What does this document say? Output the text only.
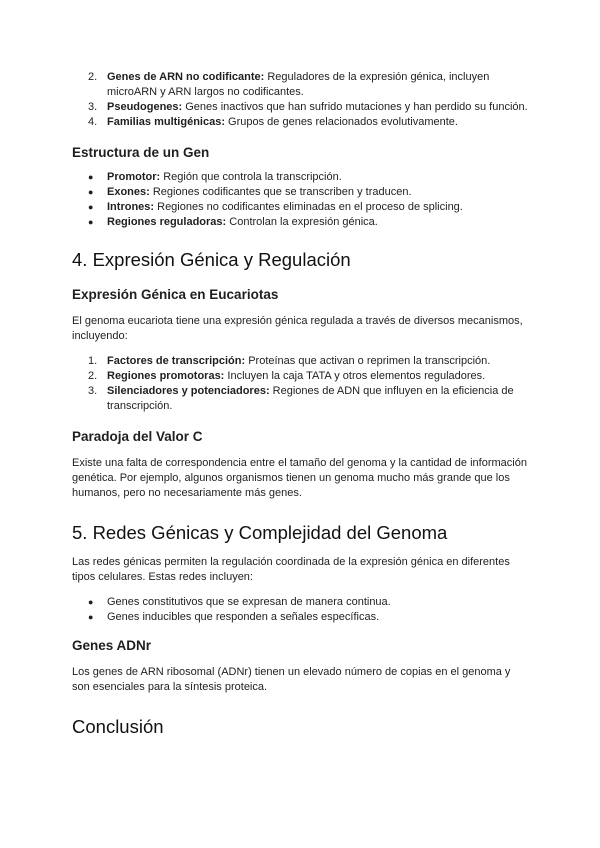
2. Genes de ARN no codificante: Reguladores de la expresión génica, incluyen microARN y ARN largos no codificantes.
3. Pseudogenes: Genes inactivos que han sufrido mutaciones y han perdido su función.
4. Familias multigénicas: Grupos de genes relacionados evolutivamente.
Estructura de un Gen
● Promotor: Región que controla la transcripción.
● Exones: Regiones codificantes que se transcriben y traducen.
● Intrones: Regiones no codificantes eliminadas en el proceso de splicing.
● Regiones reguladoras: Controlan la expresión génica.
4. Expresión Génica y Regulación
Expresión Génica en Eucariotas

El genoma eucariota tiene una expresión génica regulada a través de diversos mecanismos, incluyendo:

1. Factores de transcripción: Proteínas que activan o reprimen la transcripción.
2. Regiones promotoras: Incluyen la caja TATA y otros elementos reguladores.
3. Silenciadores y potenciadores: Regiones de ADN que influyen en la eficiencia de transcripción.
Paradoja del Valor C

Existe una falta de correspondencia entre el tamaño del genoma y la cantidad de información genética. Por ejemplo, algunos organismos tienen un genoma mucho más grande que los humanos, pero no necesariamente más genes.

5. Redes Génicas y Complejidad del Genoma

Las redes génicas permiten la regulación coordinada de la expresión génica en diferentes tipos celulares. Estas redes incluyen:

● Genes constitutivos que se expresan de manera continua.
● Genes inducibles que responden a señales específicas.
Genes ADNr

Los genes de ARN ribosomal (ADNr) tienen un elevado número de copias en el genoma y son esenciales para la síntesis proteica.

Conclusión
